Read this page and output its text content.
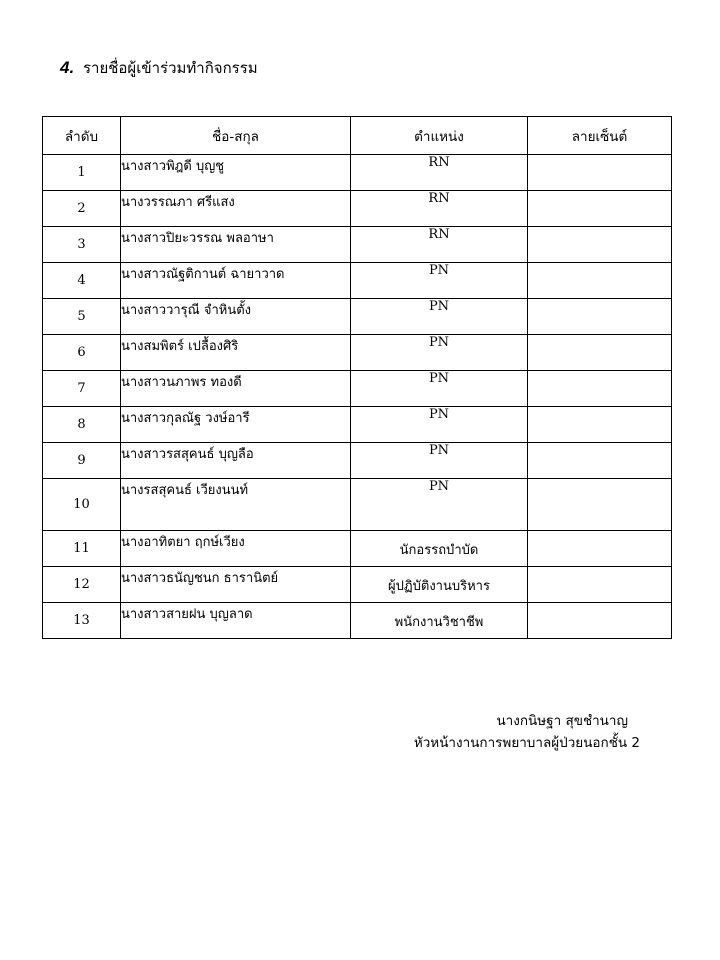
4. รายชื่อผู้เข้าร่วมทำกิจกรรม
ลำดับ	ชื่อ-สกุล	ตำแหน่ง	ลายเซ็นต์
1	นางสาวพิฎดี บุญชู	RN	
2	นางวรรณภา ศรีแสง	RN	
3	นางสาวปิยะวรรณ พลอาษา	RN	
4	นางสาวณัฐติกานต์ ฉายาวาด	PN	
5	นางสาววารุณี จำหินตั้ง	PN	
6	นางสมพิตร์ เปลื้องศิริ	PN	
7	นางสาวนภาพร ทองดี	PN	
8	นางสาวกุลณัฐ วงษ์อารี	PN	
9	นางสาวรสสุคนธ์ บุญลือ	PN	
10	นางรสสุคนธ์ เวียงนนท์	PN	
11	นางอาทิตยา ฤกษ์เวียง	นักอรรถบำบัด	
12	นางสาวธนัญชนก ธารานิตย์	ผู้ปฏิบัติงานบริหาร	
13	นางสาวสายฝน บุญลาด	พนักงานวิชาชีพ	
นางกนิษฐา สุขชำนาญ
หัวหน้างานการพยาบาลผู้ป่วยนอกชั้น 2
